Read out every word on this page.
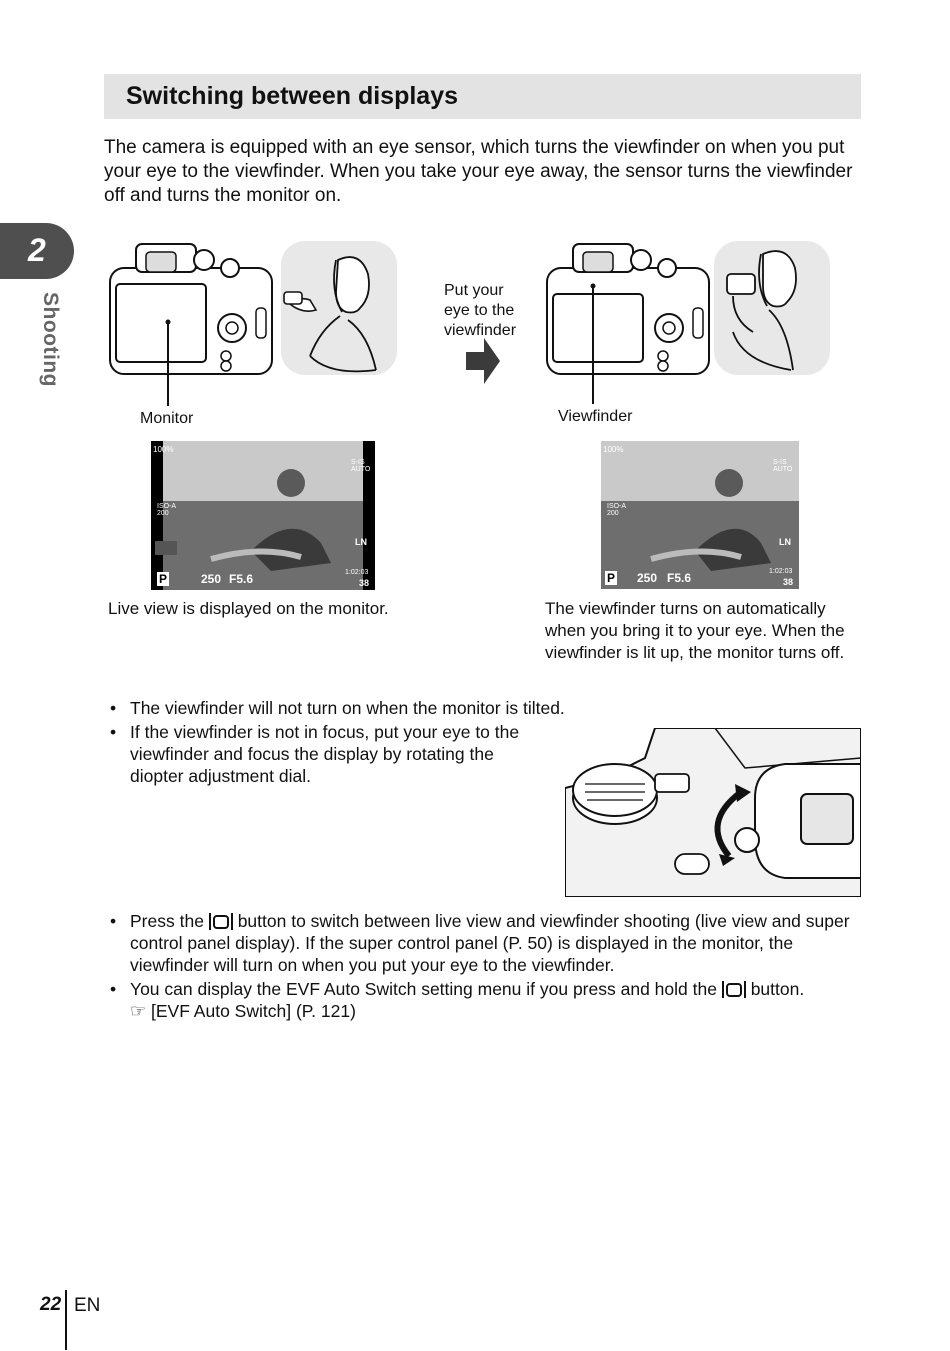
Switching between displays

The camera is equipped with an eye sensor, which turns the viewfinder on when you put your eye to the viewfinder. When you take your eye away, the sensor turns the viewfinder off and turns the monitor on.

2
Shooting
Put your
eye to the
viewfinder
Monitor	Viewfinder
100%
S-IS AUTO
ISO-A 200
LN
P	250 F5.6	1:02:03
38
100%
S-IS AUTO
ISO-A 200
LN
P 250 F5.6	1:02:03
38

Live view is displayed on the monitor.	The viewfinder turns on automatically when you bring it to your eye. When the viewfinder is lit up, the monitor turns off.

• The viewfinder will not turn on when the monitor is tilted.
• If the viewfinder is not in focus, put your eye to the viewfinder and focus the display by rotating the diopter adjustment dial.
• Press the button to switch between live view and viewfinder shooting (live view and super control panel display). If the super control panel (P. 50) is displayed in the monitor, the viewfinder will turn on when you put your eye to the viewfinder.
• You can display the EVF Auto Switch setting menu if you press and hold the button.
☞ [EVF Auto Switch] (P. 121)
22 EN
